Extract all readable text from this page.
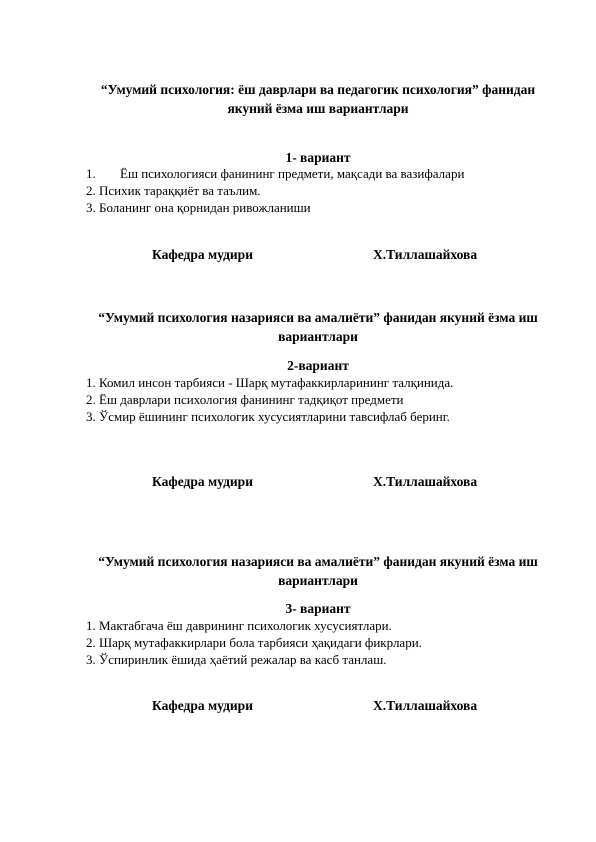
“Умумий психология: ёш даврлари ва педагогик психология” фанидан якуний ёзма иш вариантлари
1- вариант
1. Ёш психологияси фанининг предмети, мақсади ва вазифалари
2. Психик тараққиёт ва таълим.
3. Боланинг она қорнидан ривожланиши
Кафедра мудири	Х.Тиллашайхова
“Умумий психология назарияси ва амалиёти” фанидан якуний ёзма иш вариантлари
2-вариант
1. Комил инсон тарбияси - Шарқ мутафаккирларининг талқинида.
2. Ёш даврлари психология фанининг тадқиқот предмети
3. Ўсмир ёшининг психологик хусусиятларини тавсифлаб беринг.
Кафедра мудири	Х.Тиллашайхова
“Умумий психология назарияси ва амалиёти” фанидан якуний ёзма иш вариантлари
3- вариант
1. Мактабгача ёш даврининг психологик хусусиятлари.
2. Шарқ мутафаккирлари бола тарбияси ҳақидаги фикрлари.
3. Ўспиринлик ёшида ҳаётий режалар ва касб танлаш.
Кафедра мудири	Х.Тиллашайхова
